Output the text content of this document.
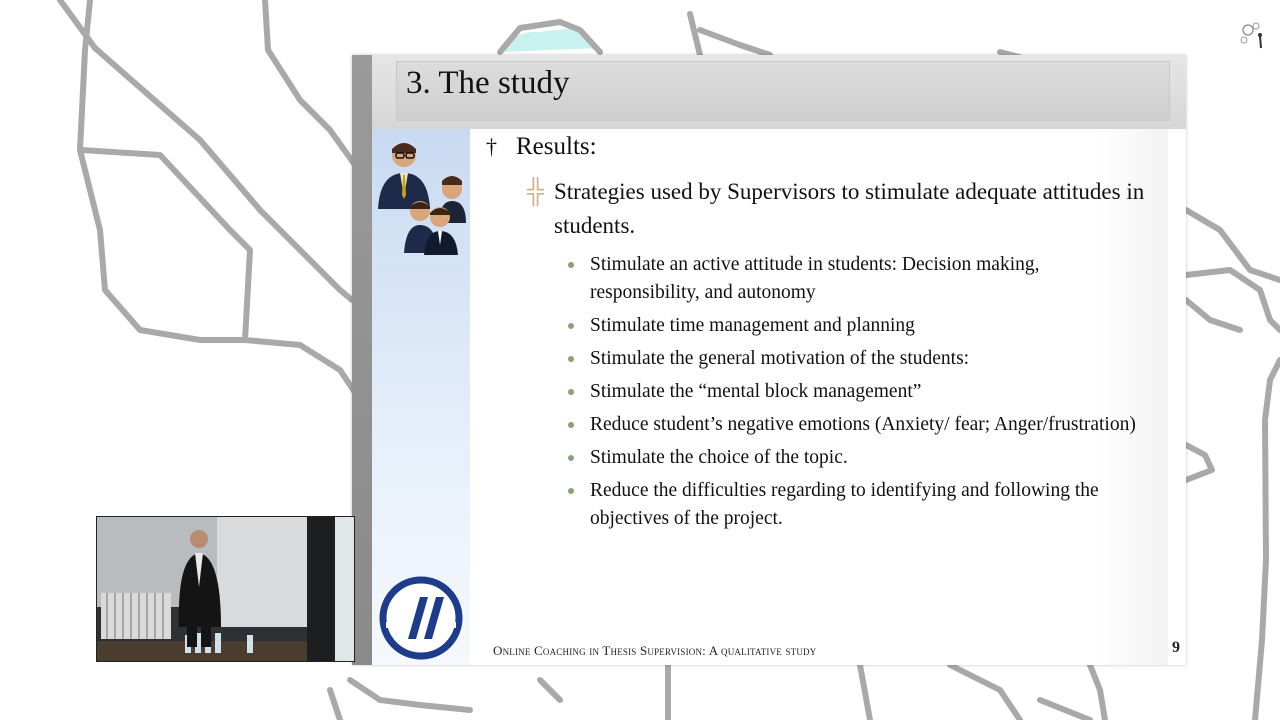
3. The study
† Results:
╬ Strategies used by Supervisors to stimulate adequate attitudes in students.
Stimulate an active attitude in students: Decision making, responsibility, and autonomy
Stimulate time management and planning
Stimulate the general motivation of the students:
Stimulate the “mental block management”
Reduce student’s negative emotions (Anxiety/ fear; Anger/frustration)
Stimulate the choice of the topic.
Reduce the difficulties regarding to identifying and following the objectives of the project.
Online Coaching in Thesis Supervision: A qualitative study	9
